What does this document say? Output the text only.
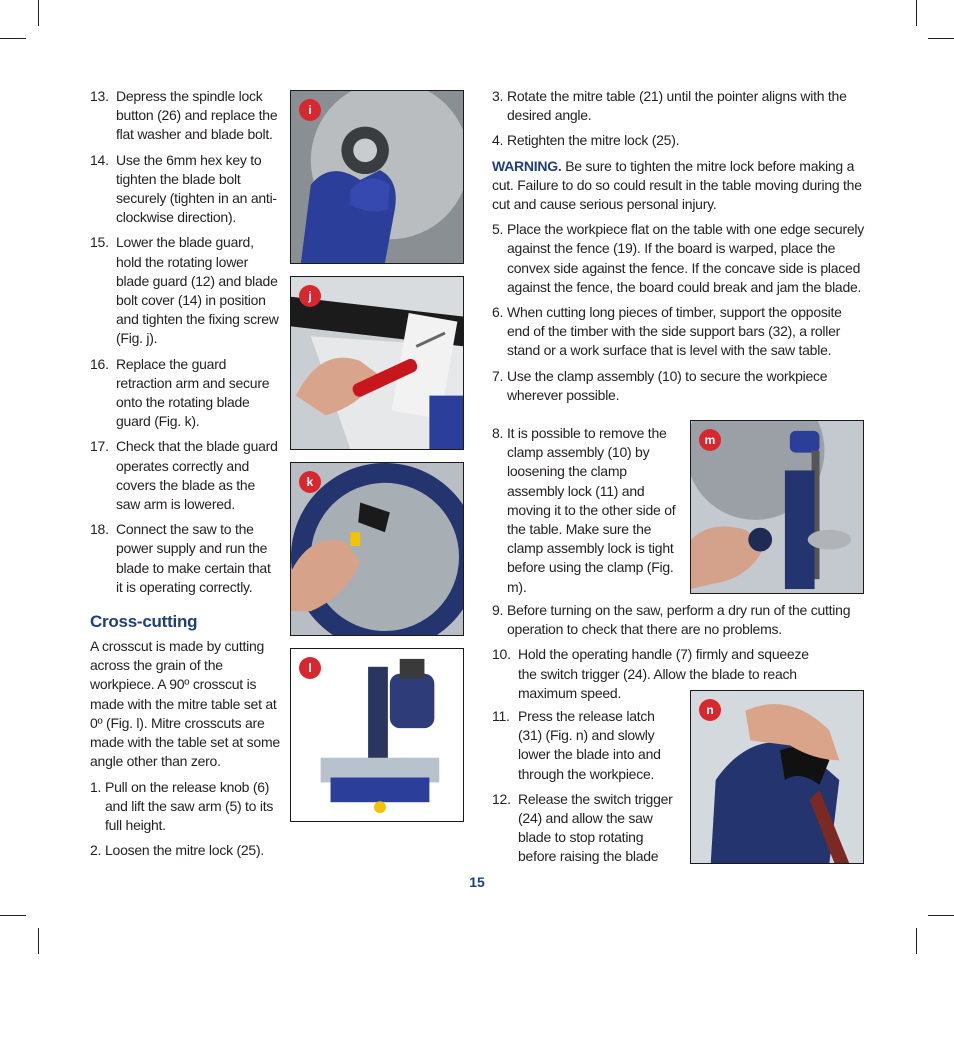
13. Depress the spindle lock button (26) and replace the flat washer and blade bolt.
14. Use the 6mm hex key to tighten the blade bolt securely (tighten in an anti-clockwise direction).
15. Lower the blade guard, hold the rotating lower blade guard (12) and blade bolt cover (14) in position and tighten the fixing screw (Fig. j).
16. Replace the guard retraction arm and secure onto the rotating blade guard (Fig. k).
17. Check that the blade guard operates correctly and covers the blade as the saw arm is lowered.
18. Connect the saw to the power supply and run the blade to make certain that it is operating correctly.
Cross-cutting
A crosscut is made by cutting across the grain of the workpiece. A 90º crosscut is made with the mitre table set at 0º (Fig. l). Mitre crosscuts are made with the table set at some angle other than zero.
1. Pull on the release knob (6) and lift the saw arm (5) to its full height.
2. Loosen the mitre lock (25).
i
j
k
l
3. Rotate the mitre table (21) until the pointer aligns with the desired angle.
4. Retighten the mitre lock (25).
WARNING. Be sure to tighten the mitre lock before making a cut. Failure to do so could result in the table moving during the cut and cause serious personal injury.
5. Place the workpiece flat on the table with one edge securely against the fence (19). If the board is warped, place the convex side against the fence. If the concave side is placed against the fence, the board could break and jam the blade.
6. When cutting long pieces of timber, support the opposite end of the timber with the side support bars (32), a roller stand or a work surface that is level with the saw table.
7. Use the clamp assembly (10) to secure the workpiece wherever possible.
8. It is possible to remove the clamp assembly (10) by loosening the clamp assembly lock (11) and moving it to the other side of the table. Make sure the clamp assembly lock is tight before using the clamp (Fig. m).
m
9. Before turning on the saw, perform a dry run of the cutting operation to check that there are no problems.
10. Hold the operating handle (7) firmly and squeeze the switch trigger (24). Allow the blade to reach maximum speed.
11. Press the release latch (31) (Fig. n) and slowly lower the blade into and through the workpiece.
12. Release the switch trigger (24) and allow the saw blade to stop rotating before raising the blade
n
15
